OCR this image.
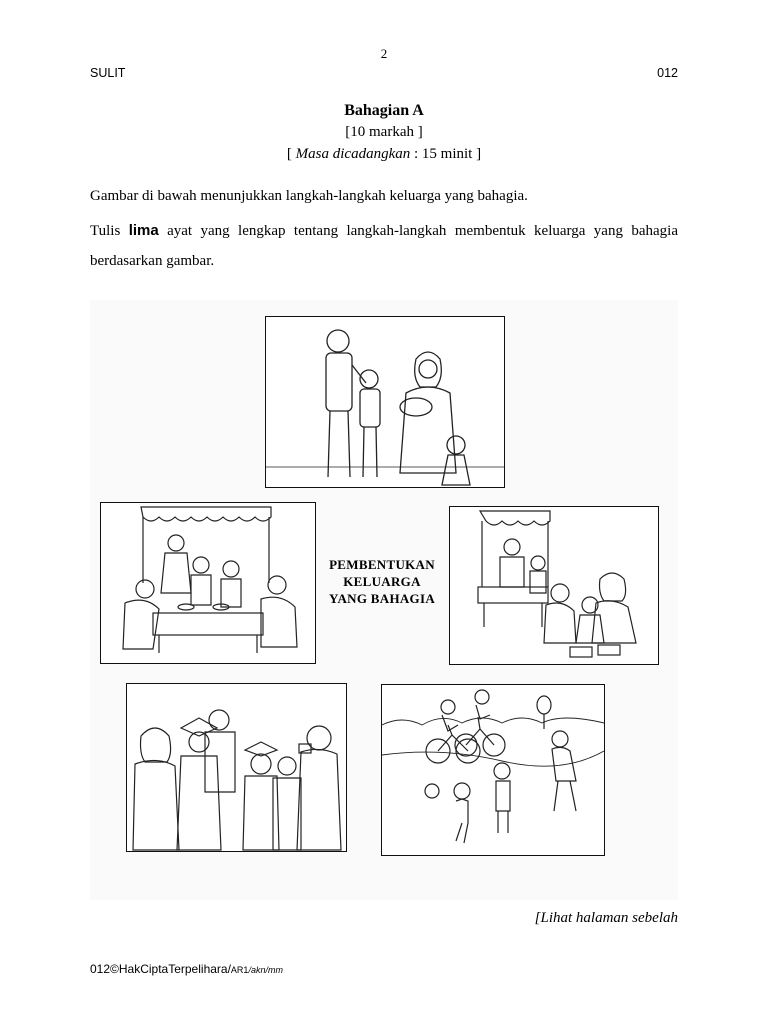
2
SULIT	012
Bahagian A
[10 markah ]
[ Masa dicadangkan : 15 minit ]
Gambar di bawah menunjukkan langkah-langkah keluarga yang bahagia.
Tulis lima ayat yang lengkap tentang langkah-langkah membentuk keluarga yang bahagia berdasarkan gambar.
PEMBENTUKAN
KELUARGA
YANG BAHAGIA
[Lihat halaman sebelah
012©HakCiptaTerpelihara/AR1/akn/mm
